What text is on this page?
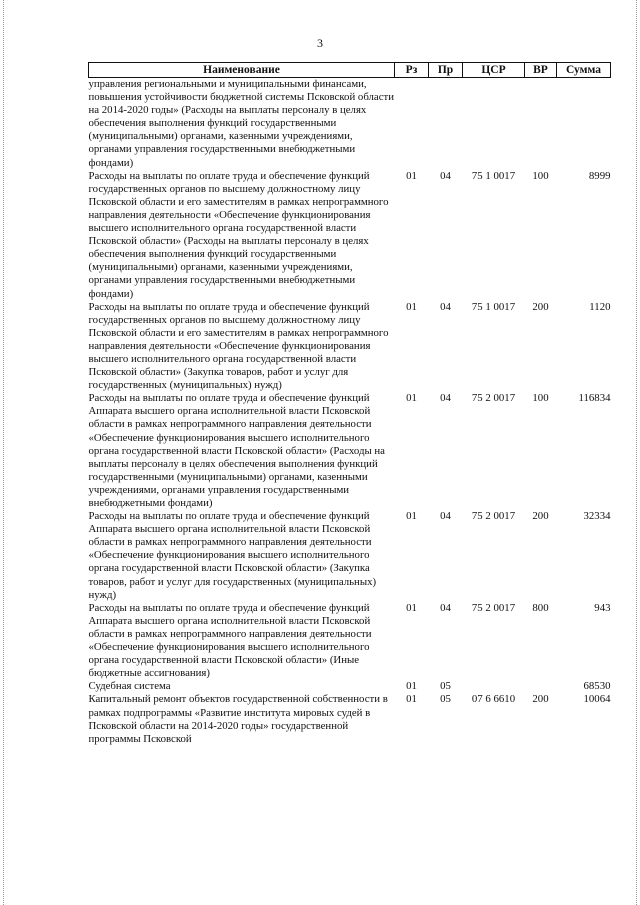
3
Наименование	Рз	Пр	ЦСР	ВР	Сумма
управления региональными и муниципальными финансами, повышения устойчивости бюджетной системы Псковской области на 2014-2020 годы» (Расходы на выплаты персоналу в целях обеспечения выполнения функций государственными (муниципальными) органами, казенными учреждениями, органами управления государственными внебюджетными фондами)					
Расходы на выплаты по оплате труда и обеспечение функций государственных органов по высшему должностному лицу Псковской области и его заместителям в рамках непрограммного направления деятельности «Обеспечение функционирования высшего исполнительного органа государственной власти Псковской области» (Расходы на выплаты персоналу в целях обеспечения выполнения функций государственными (муниципальными) органами, казенными учреждениями, органами управления государственными внебюджетными фондами)	01	04	75 1 0017	100	8999
Расходы на выплаты по оплате труда и обеспечение функций государственных органов по высшему должностному лицу Псковской области и его заместителям в рамках непрограммного направления деятельности «Обеспечение функционирования высшего исполнительного органа государственной власти Псковской области» (Закупка товаров, работ и услуг для государственных (муниципальных) нужд)	01	04	75 1 0017	200	1120
Расходы на выплаты по оплате труда и обеспечение функций Аппарата высшего органа исполнительной власти Псковской области в рамках непрограммного направления деятельности «Обеспечение функционирования высшего исполнительного органа государственной власти Псковской области» (Расходы на выплаты персоналу в целях обеспечения выполнения функций государственными (муниципальными) органами, казенными учреждениями, органами управления государственными внебюджетными фондами)	01	04	75 2 0017	100	116834
Расходы на выплаты по оплате труда и обеспечение функций Аппарата высшего органа исполнительной власти Псковской области в рамках непрограммного направления деятельности «Обеспечение функционирования высшего исполнительного органа государственной власти Псковской области» (Закупка товаров, работ и услуг для государственных (муниципальных) нужд)	01	04	75 2 0017	200	32334
Расходы на выплаты по оплате труда и обеспечение функций Аппарата высшего органа исполнительной власти Псковской области в рамках непрограммного направления деятельности «Обеспечение функционирования высшего исполнительного органа государственной власти Псковской области» (Иные бюджетные ассигнования)	01	04	75 2 0017	800	943
Судебная система	01	05			68530
Капитальный ремонт объектов государственной собственности в рамках подпрограммы «Развитие института мировых судей в Псковской области на 2014-2020 годы» государственной программы Псковской	01	05	07 6 6610	200	10064
